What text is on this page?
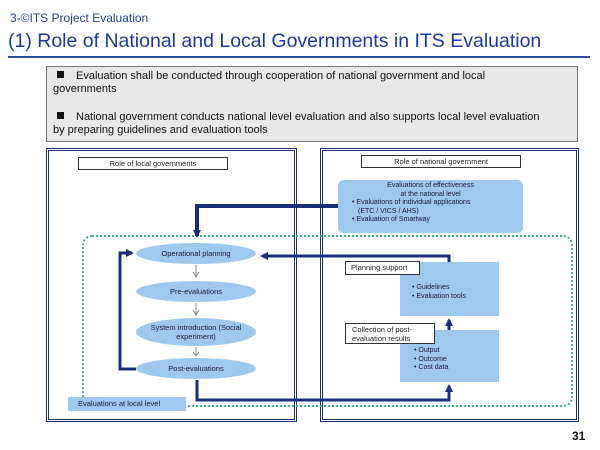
3-©ITS Project Evaluation
(1) Role of National and Local Governments in ITS Evaluation
Evaluation shall be conducted through cooperation of national government and local
governments
National government conducts national level evaluation and also supports local level evaluation
by preparing guidelines and evaluation tools
Role of local governments
Operational planning
Pre-evaluations
System introduction (Social experiment)
Post-evaluations
Evaluations at local level
Role of national government
Evaluations of effectiveness
at the national level
• Evaluations of individual applications
(ETC / VICS / AHS)
• Evaluation of Smartway
• Guidelines
• Evaluation tools
Planning support
• Output
• Outcome
• Cost data
Collection of post-
evaluation results
31
